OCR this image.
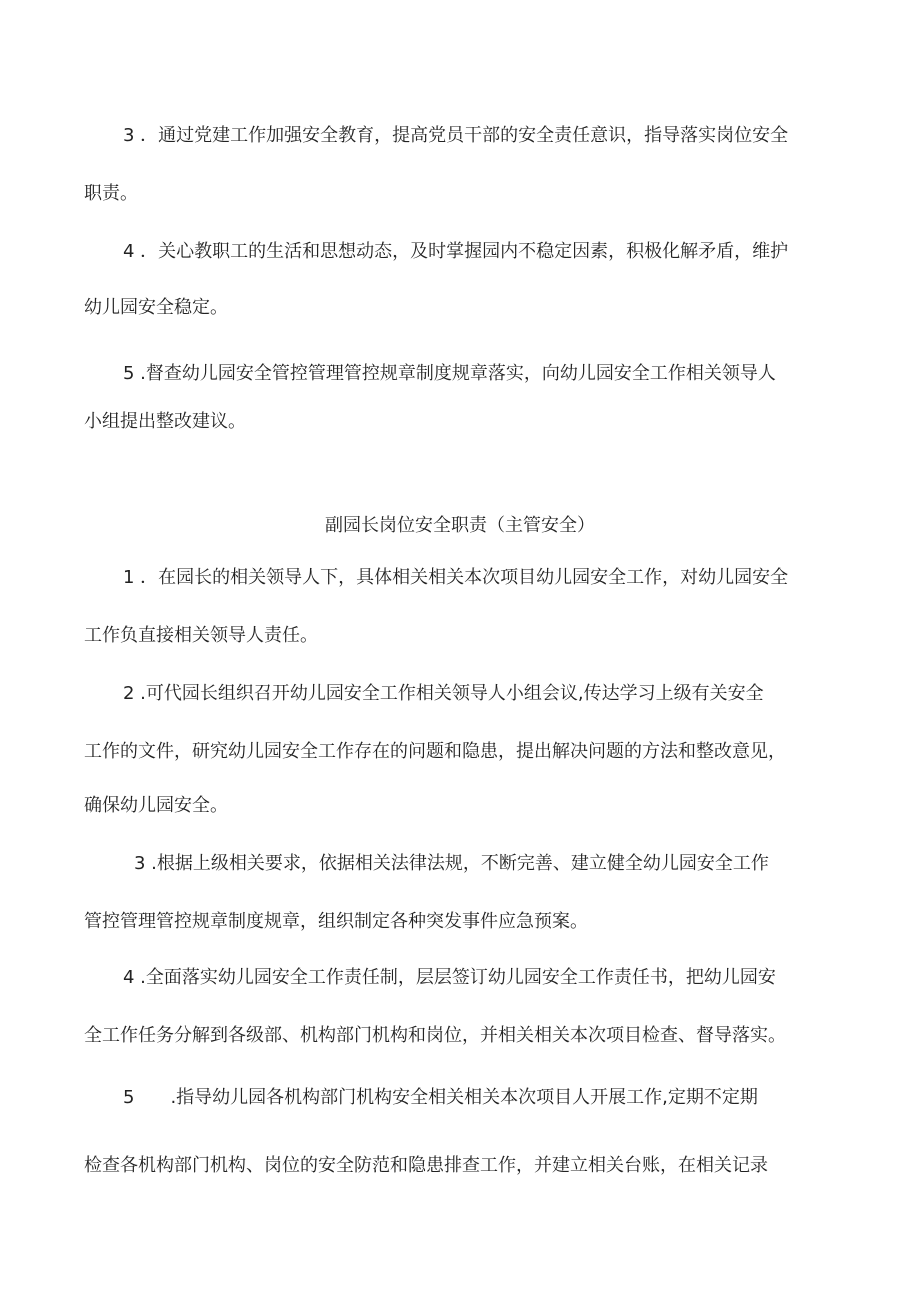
3 ．通过党建工作加强安全教育，提高党员干部的安全责任意识，指导落实岗位安全
职责。
4 ．关心教职工的生活和思想动态，及时掌握园内不稳定因素，积极化解矛盾，维护
幼儿园安全稳定。
5 .督查幼儿园安全管控管理管控规章制度规章落实，向幼儿园安全工作相关领导人
小组提出整改建议。
副园长岗位安全职责（主管安全）
1 ．在园长的相关领导人下，具体相关相关本次项目幼儿园安全工作，对幼儿园安全
工作负直接相关领导人责任。
2 .可代园长组织召开幼儿园安全工作相关领导人小组会议,传达学习上级有关安全
工作的文件，研究幼儿园安全工作存在的问题和隐患，提出解决问题的方法和整改意见，
确保幼儿园安全。
3 .根据上级相关要求，依据相关法律法规，不断完善、建立健全幼儿园安全工作
管控管理管控规章制度规章，组织制定各种突发事件应急预案。
4 .全面落实幼儿园安全工作责任制，层层签订幼儿园安全工作责任书，把幼儿园安
全工作任务分解到各级部、机构部门机构和岗位，并相关相关本次项目检查、督导落实。
5　　.指导幼儿园各机构部门机构安全相关相关本次项目人开展工作,定期不定期
检查各机构部门机构、岗位的安全防范和隐患排查工作，并建立相关台账，在相关记录
